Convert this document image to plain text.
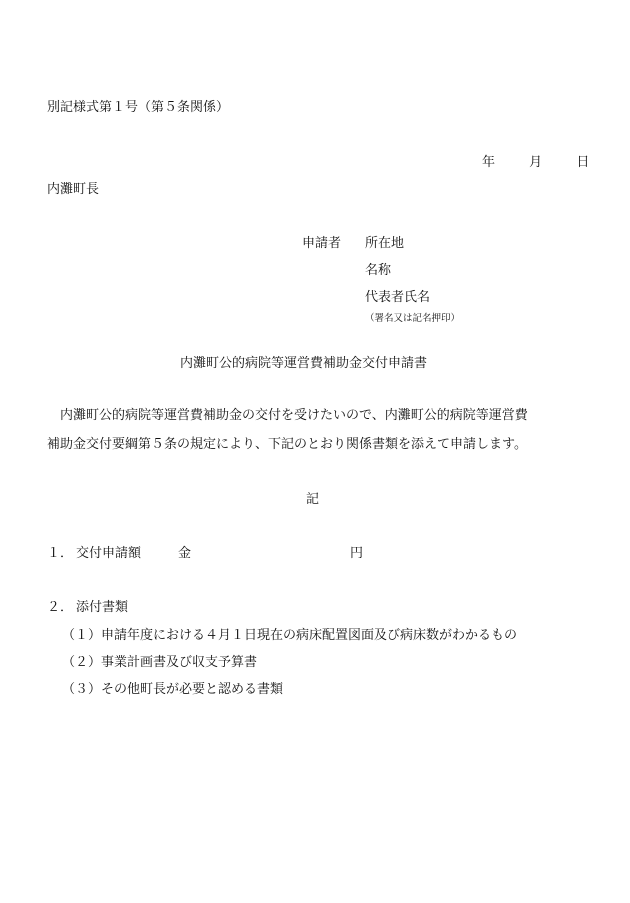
別記様式第１号（第５条関係）
年	月	日
内灘町長
申請者 所在地
名称
代表者氏名
（署名又は記名押印）
内灘町公的病院等運営費補助金交付申請書
内灘町公的病院等運営費補助金の交付を受けたいので、内灘町公的病院等運営費
補助金交付要綱第５条の規定により、下記のとおり関係書類を添えて申請します。
記
１． 交付申請額	金	円
２． 添付書類
（１）申請年度における４月１日現在の病床配置図面及び病床数がわかるもの
（２）事業計画書及び収支予算書
（３）その他町長が必要と認める書類
